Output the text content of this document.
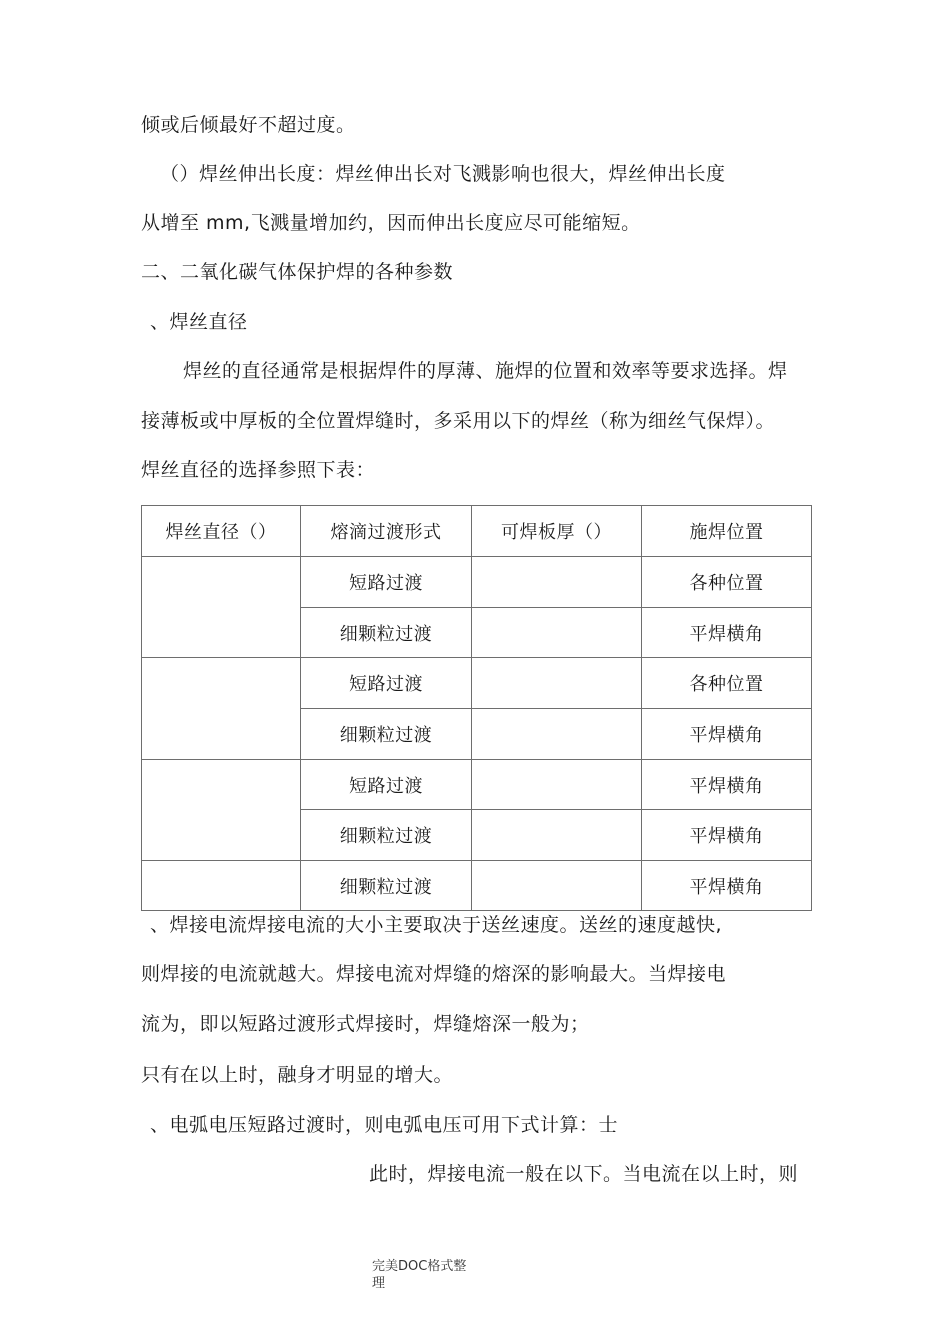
倾或后倾最好不超过度。
（）焊丝伸出长度：焊丝伸出长对飞溅影响也很大，焊丝伸出长度
从增至 mm,飞溅量增加约，因而伸出长度应尽可能缩短。
二、二氧化碳气体保护焊的各种参数
、焊丝直径
焊丝的直径通常是根据焊件的厚薄、施焊的位置和效率等要求选择。焊
接薄板或中厚板的全位置焊缝时，多采用以下的焊丝（称为细丝气保焊）。
焊丝直径的选择参照下表：
焊丝直径（）	熔滴过渡形式	可焊板厚（）	施焊位置
	短路过渡		各种位置
	细颗粒过渡		平焊横角
	短路过渡		各种位置
	细颗粒过渡		平焊横角
	短路过渡		平焊横角
	细颗粒过渡		平焊横角
	细颗粒过渡		平焊横角
、焊接电流焊接电流的大小主要取决于送丝速度。送丝的速度越快,
则焊接的电流就越大。焊接电流对焊缝的熔深的影响最大。当焊接电
流为，即以短路过渡形式焊接时，焊缝熔深一般为；
只有在以上时，融身才明显的增大。
、电弧电压短路过渡时，则电弧电压可用下式计算：士
此时，焊接电流一般在以下。当电流在以上时，则
完美DOC格式整
理
